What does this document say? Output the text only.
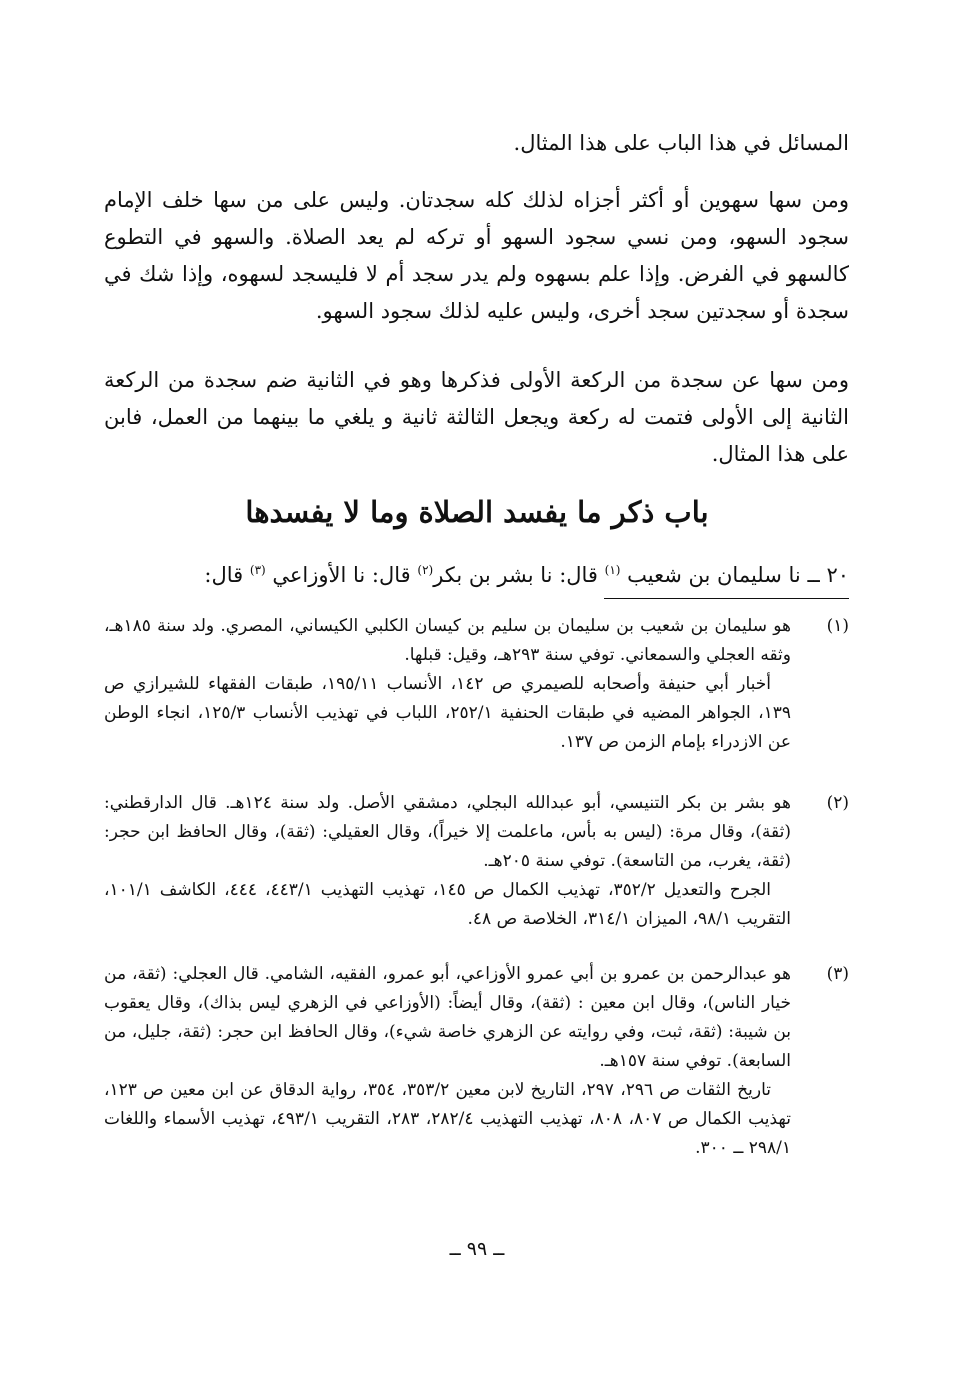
المسائل في هذا الباب على هذا المثال.
ومن سها سهوين أو أكثر أجزاه لذلك كله سجدتان. وليس على من سها خلف الإمام سجود السهو، ومن نسي سجود السهو أو تركه لم يعد الصلاة. والسهو في التطوع كالسهو في الفرض. وإذا علم بسهوه ولم يدر سجد أم لا فليسجد لسهوه، وإذا شك في سجدة أو سجدتين سجد أخرى، وليس عليه لذلك سجود السهو.
ومن سها عن سجدة من الركعة الأولى فذكرها وهو في الثانية ضم سجدة من الركعة الثانية إلى الأولى فتمت له ركعة ويجعل الثالثة ثانية و يلغي ما بينهما من العمل، فابن على هذا المثال.
باب ذكر ما يفسد الصلاة وما لا يفسدها
٢٠ ــ نا سليمان بن شعيب $^{(١)}$ قال: نا بشر بن بكر$^{(٢)}$ قال: نا الأوزاعي $^{(٣)}$ قال:
(١)
هو سليمان بن شعيب بن سليمان بن سليم بن كيسان الكلبي الكيساني، المصري. ولد سنة ١٨٥هـ، وثقه العجلي والسمعاني. توفي سنة ٢٩٣هـ، وقيل: قبلها.
أخبار أبي حنيفة وأصحابه للصيمري ص ١٤٢، الأنساب ١٩٥/١١، طبقات الفقهاء للشيرازي ص ١٣٩، الجواهر المضيه في طبقات الحنفية ٢٥٢/١، اللباب في تهذيب الأنساب ١٢٥/٣، انجاء الوطن عن الازدراء بإمام الزمن ص ١٣٧.
(٢)
هو بشر بن بكر التنيسي، أبو عبدالله البجلي، دمشقي الأصل. ولد سنة ١٢٤هـ. قال الدارقطني: (ثقة)، وقال مرة: (ليس به بأس، ماعلمت إلا خيراً)، وقال العقيلي: (ثقة)، وقال الحافظ ابن حجر: (ثقة، يغرب، من التاسعة). توفي سنة ٢٠٥هـ.
الجرح والتعديل ٣٥٢/٢، تهذيب الكمال ص ١٤٥، تهذيب التهذيب ٤٤٣/١، ٤٤٤، الكاشف ١٠١/١، التقريب ٩٨/١، الميزان ٣١٤/١، الخلاصة ص ٤٨.
(٣)
هو عبدالرحمن بن عمرو بن أبي عمرو الأوزاعي، أبو عمرو، الفقيه، الشامي. قال العجلي: (ثقة، من خيار الناس)، وقال ابن معين : (ثقة)، وقال أيضاً: (الأوزاعي في الزهري ليس بذاك)، وقال يعقوب بن شيبة: (ثقة، ثبت، وفي روايته عن الزهري خاصة شيء)، وقال الحافظ ابن حجر: (ثقة، جليل، من السابعة). توفي سنة ١٥٧هـ.
تاريخ الثقات ص ٢٩٦، ٢٩٧، التاريخ لابن معين ٣٥٣/٢، ٣٥٤، رواية الدقاق عن ابن معين ص ١٢٣، تهذيب الكمال ص ٨٠٧، ٨٠٨، تهذيب التهذيب ٢٨٢/٤، ٢٨٣، التقريب ٤٩٣/١، تهذيب الأسماء واللغات ٢٩٨/١ ــ ٣٠٠.
ــ ٩٩ ــ
